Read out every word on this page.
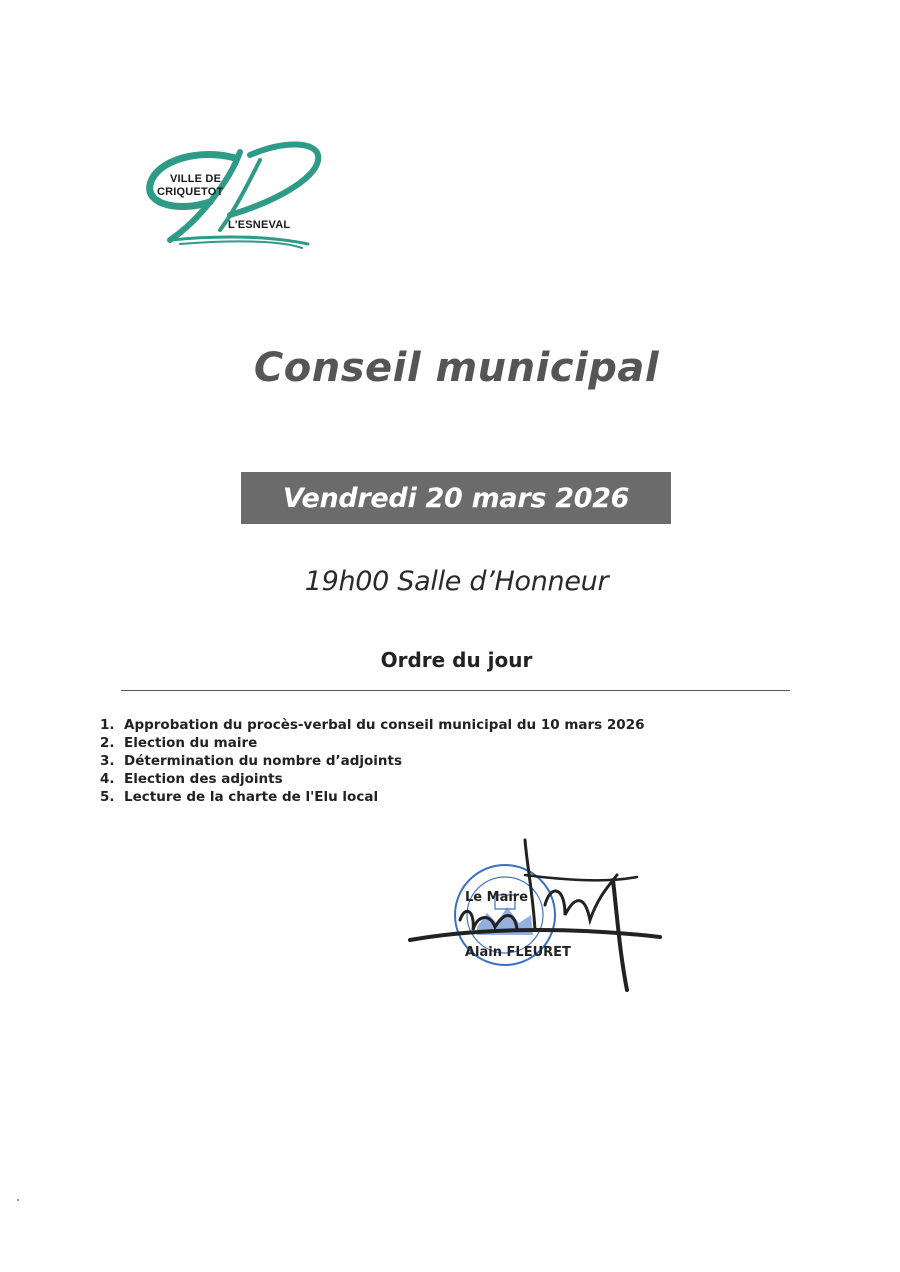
VILLE DE
CRIQUETOT
L'ESNEVAL
Conseil municipal
Vendredi 20 mars 2026
19h00 Salle d’Honneur
Ordre du jour
1. Approbation du procès-verbal du conseil municipal du 10 mars 2026
2. Election du maire
3. Détermination du nombre d’adjoints
4. Election des adjoints
5. Lecture de la charte de l'Elu local
Le Maire
Alain FLEURET
